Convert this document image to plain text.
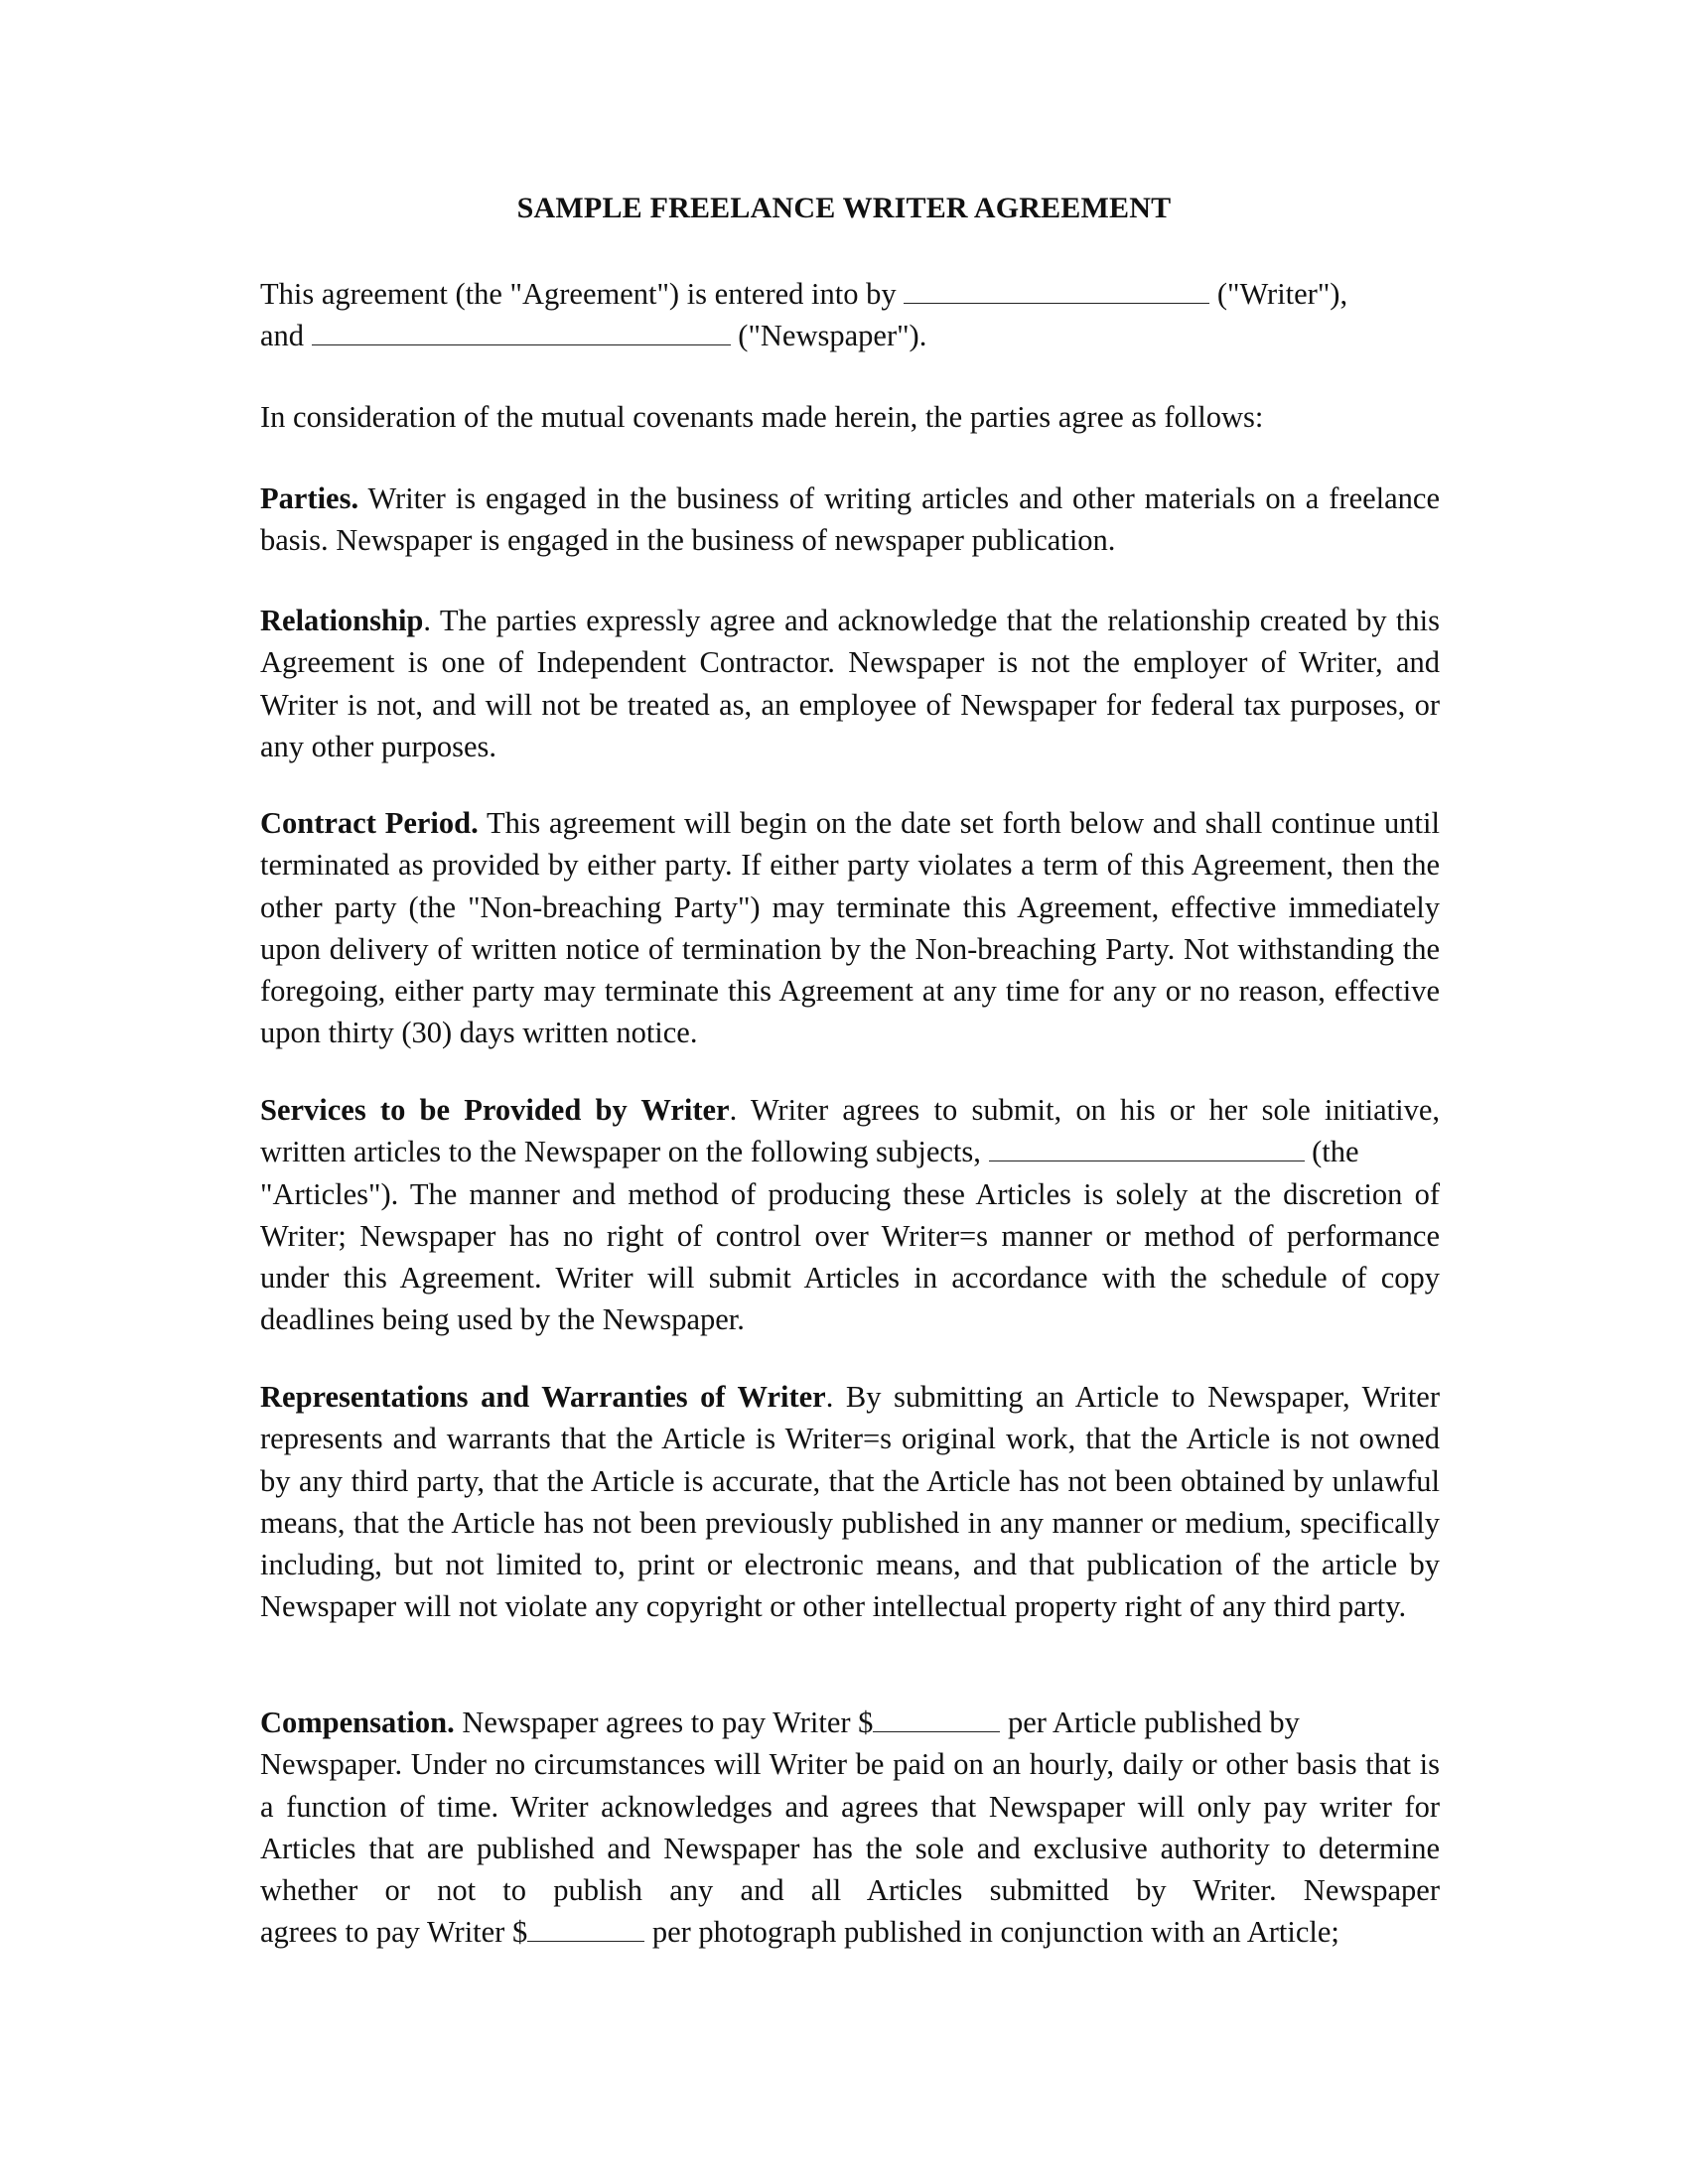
SAMPLE FREELANCE WRITER AGREEMENT
This agreement (the "Agreement") is entered into by	("Writer"),
and	("Newspaper").
In consideration of the mutual covenants made herein, the parties agree as follows:
Parties. Writer is engaged in the business of writing articles and other materials on a freelance basis. Newspaper is engaged in the business of newspaper publication.
Relationship. The parties expressly agree and acknowledge that the relationship created by this Agreement is one of Independent Contractor. Newspaper is not the employer of Writer, and Writer is not, and will not be treated as, an employee of Newspaper for federal tax purposes, or any other purposes.
Contract Period. This agreement will begin on the date set forth below and shall continue until terminated as provided by either party. If either party violates a term of this Agreement, then the other party (the "Non-breaching Party") may terminate this Agreement, effective immediately upon delivery of written notice of termination by the Non-breaching Party. Not withstanding the foregoing, either party may terminate this Agreement at any time for any or no reason, effective upon thirty (30) days written notice.
Services to be Provided by Writer. Writer agrees to submit, on his or her sole initiative,
written articles to the Newspaper on the following subjects,	(the
"Articles"). The manner and method of producing these Articles is solely at the discretion of Writer; Newspaper has no right of control over Writer=s manner or method of performance under this Agreement. Writer will submit Articles in accordance with the schedule of copy deadlines being used by the Newspaper.
Representations and Warranties of Writer. By submitting an Article to Newspaper, Writer represents and warrants that the Article is Writer=s original work, that the Article is not owned by any third party, that the Article is accurate, that the Article has not been obtained by unlawful means, that the Article has not been previously published in any manner or medium, specifically including, but not limited to, print or electronic means, and that publication of the article by Newspaper will not violate any copyright or other intellectual property right of any third party.
Compensation. Newspaper agrees to pay Writer $	per Article published by
Newspaper. Under no circumstances will Writer be paid on an hourly, daily or other basis that is a function of time. Writer acknowledges and agrees that Newspaper will only pay writer for Articles that are published and Newspaper has the sole and exclusive authority to determine whether or not to publish any and all Articles submitted by Writer. Newspaper
agrees to pay Writer $	per photograph published in conjunction with an Article;
